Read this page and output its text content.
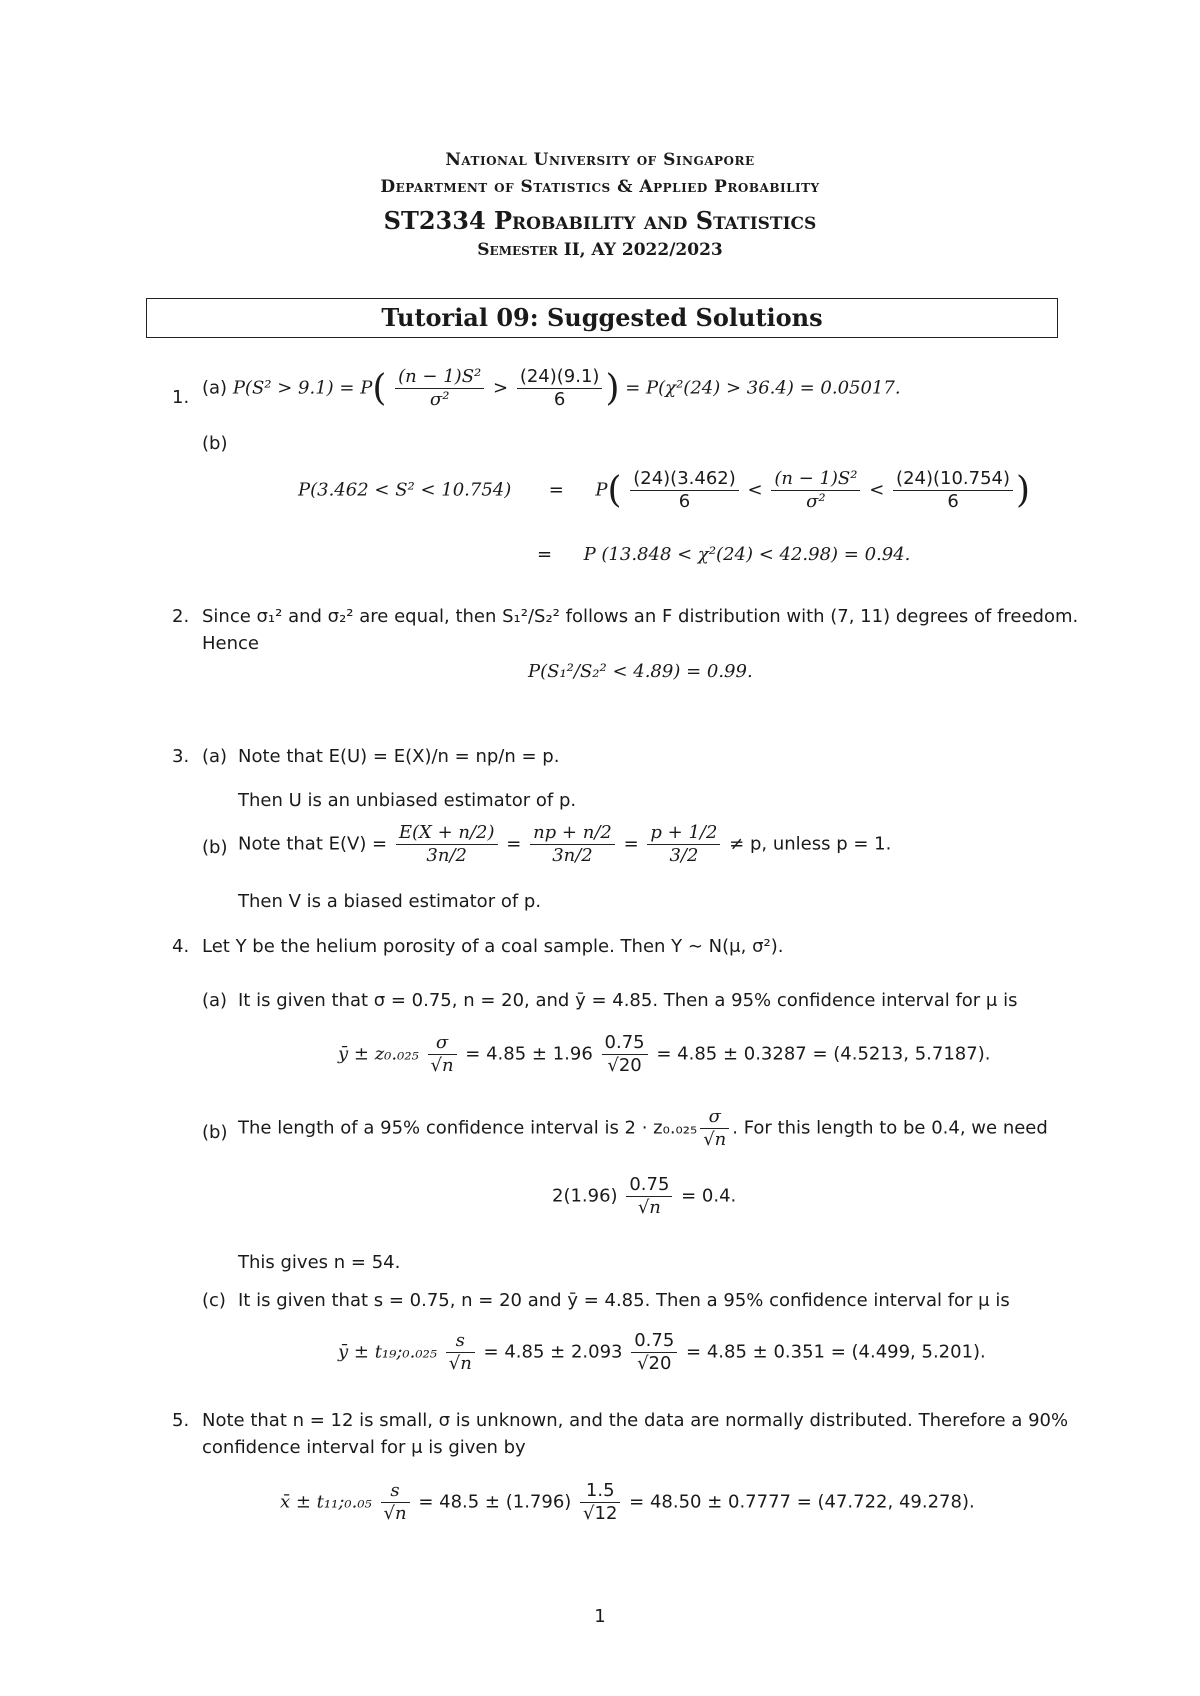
National University of Singapore
Department of Statistics & Applied Probability
ST2334 Probability and Statistics
Semester II, AY 2022/2023
Tutorial 09: Suggested Solutions
1. (a) $P(S^2 > 9.1) = P( \frac{\text{(n − 1)S²}}{\text{σ²}} > \frac{(24)(9.1)}{6}$ ) = P(χ²(24) > 36.4) = 0.05017.
(b)
$P(3.462 < S^2 < 10.754) = P( \frac{(24)(3.462)}{6} < \frac{\text{(n − 1)S²}}{\text{σ²}} < \frac{(24)(10.754)}{6}$ )
= P (13.848 < χ²(24) < 42.98) = 0.94.
2. Since σ₁² and σ₂² are equal, then S₁²/S₂² follows an F distribution with (7, 11) degrees of freedom.
Hence
P(S₁²/S₂² < 4.89) = 0.99.
3. (a) Note that E(U) = E(X)/n = np/n = p.
Then U is an unbiased estimator of p.
(b) Note that $E(V) = \frac{E(X + n/2)}{3n/2} = \frac{np + n/2}{3n/2} = \frac{p + 1/2}{3/2} \ne p$, unless p = 1.
Then V is a biased estimator of p.
4. Let Y be the helium porosity of a coal sample. Then Y ∼ N(μ, σ²).
(a) It is given that σ = 0.75, n = 20, and ȳ = 4.85. Then a 95% confidence interval for μ is
ȳ ± $z_0._{025} \frac{\sigma}{√n} = 4.85 \pm 1.96 \frac{0.75}{√20} = 4.85 \pm 0.3287 = (4.5213$, 5.7187).
(b) The length of a 95% confidence interval is $2 \cdot z_0._{025} \frac{\sigma}{√n}$ . For this length to be 0.4, we need
$2(1.96) \frac{0.75}{√n} = 0.4$.
This gives n = 54.
(c) It is given that s = 0.75, n = 20 and ȳ = 4.85. Then a 95% confidence interval for μ is
ȳ ± t₁₉;₀.₀₂₅ $\frac{s}{√n} = 4.85 \pm 2.093 \frac{0.75}{√20} = 4.85 \pm 0.351 = (4.499$, 5.201).
5. Note that n = 12 is small, σ is unknown, and the data are normally distributed. Therefore a 90%
confidence interval for μ is given by
x̄ ± t₁₁;₀.₀₅ $\frac{s}{√n} = 48.5 \pm (1.796) \frac{1.5}{√12} = 48.50 \pm 0.7777 = (47.722$, 49.278).
1
